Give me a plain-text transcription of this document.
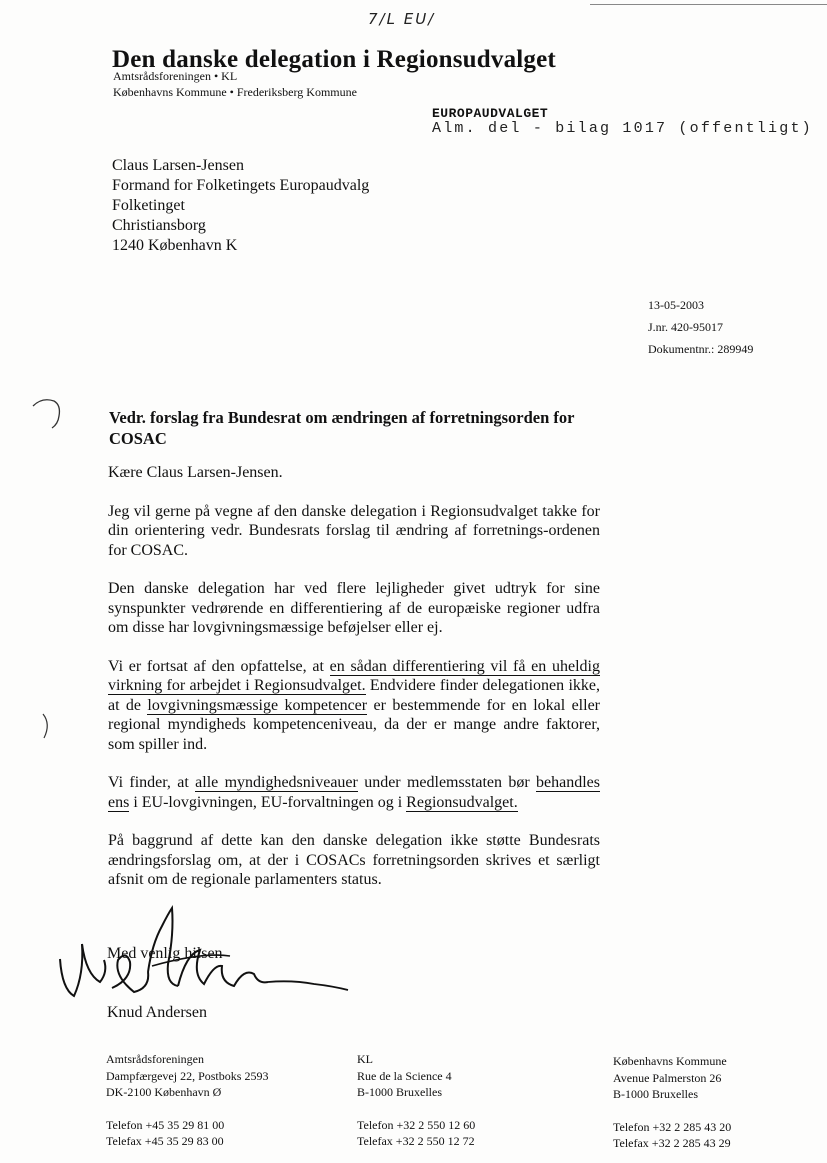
7/L EU/
Den danske delegation i Regionsudvalget
Amtsrådsforeningen • KL
Københavns Kommune • Frederiksberg Kommune
EUROPAUDVALGET
Alm. del - bilag 1017 (offentligt)
Claus Larsen-Jensen
Formand for Folketingets Europaudvalg
Folketinget
Christiansborg
1240 København K
13-05-2003
J.nr. 420-95017
Dokumentnr.: 289949
Vedr. forslag fra Bundesrat om ændringen af forretningsorden for COSAC

Kære Claus Larsen-Jensen.

Jeg vil gerne på vegne af den danske delegation i Regionsudvalget takke for din orientering vedr. Bundesrats forslag til ændring af forretnings-ordenen for COSAC.

Den danske delegation har ved flere lejligheder givet udtryk for sine synspunkter vedrørende en differentiering af de europæiske regioner udfra om disse har lovgivningsmæssige beføjelser eller ej.

Vi er fortsat af den opfattelse, at en sådan differentiering vil få en uheldig virkning for arbejdet i Regionsudvalget. Endvidere finder delegationen ikke, at de lovgivningsmæssige kompetencer er bestemmende for en lokal eller regional myndigheds kompetenceniveau, da der er mange andre faktorer, som spiller ind.

Vi finder, at alle myndighedsniveauer under medlemsstaten bør behandles ens i EU-lovgivningen, EU-forvaltningen og i Regionsudvalget.

På baggrund af dette kan den danske delegation ikke støtte Bundesrats ændringsforslag om, at der i COSACs forretningsorden skrives et særligt afsnit om de regionale parlamenters status.

Med venlig hilsen
Knud Andersen
Amtsrådsforeningen
Dampfærgevej 22, Postboks 2593
DK-2100 København Ø
Telefon +45 35 29 81 00
Telefax +45 35 29 83 00
KL
Rue de la Science 4
B-1000 Bruxelles
Telefon +32 2 550 12 60
Telefax +32 2 550 12 72
Københavns Kommune
Avenue Palmerston 26
B-1000 Bruxelles
Telefon +32 2 285 43 20
Telefax +32 2 285 43 29
